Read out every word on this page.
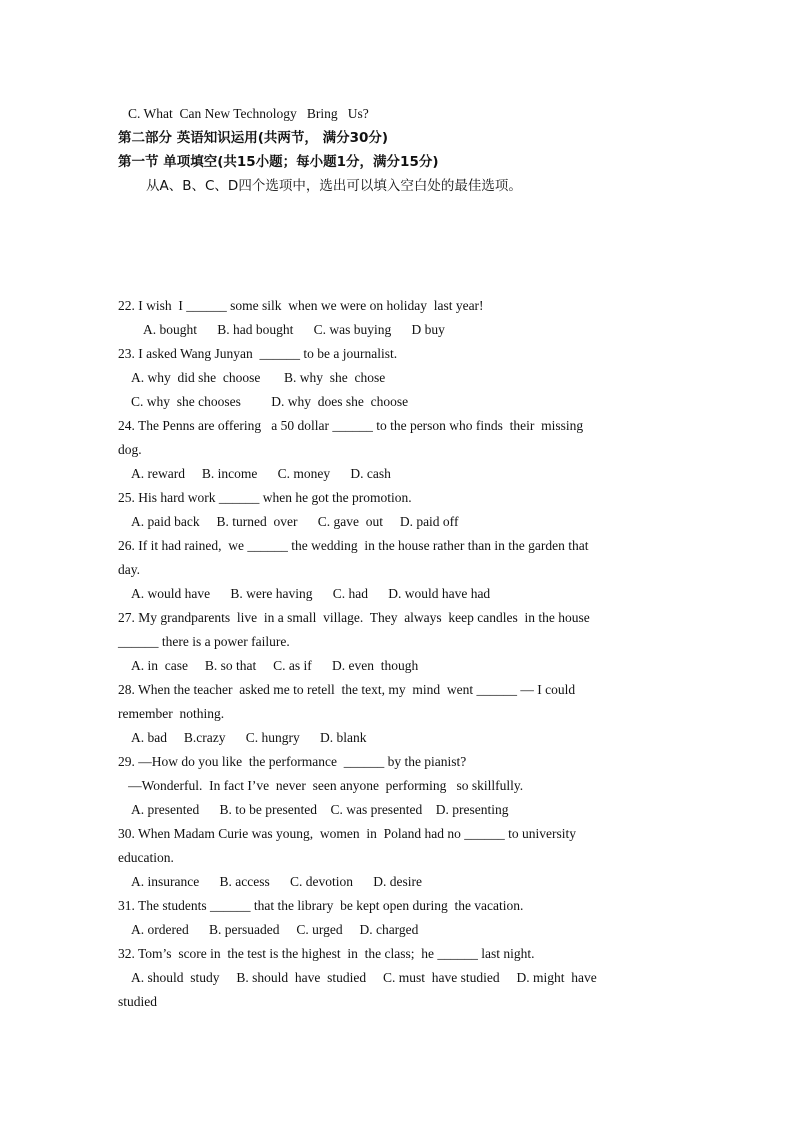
C. What  Can New Technology   Bring   Us?
第二部分 英语知识运用(共两节， 满分30分)
第一节 单项填空(共15小题；每小题1分，满分15分)
从A、B、C、D四个选项中，选出可以填入空白处的最佳选项。
22. I wish  I ______ some silk  when we were on holiday  last year!
A. bought      B. had bought      C. was buying      D buy
23. I asked Wang Junyan  ______ to be a journalist.
A. why  did she  choose       B. why  she  chose
C. why  she chooses         D. why  does she  choose
24. The Penns are offering   a 50 dollar ______ to the person who finds  their  missing
dog.
A. reward     B. income      C. money      D. cash
25. His hard work ______ when he got the promotion.
A. paid back     B. turned  over      C. gave  out     D. paid off
26. If it had rained,  we ______ the wedding  in the house rather than in the garden that
day.
A. would have      B. were having      C. had      D. would have had
27. My grandparents  live  in a small  village.  They  always  keep candles  in the house
______ there is a power failure.
A. in  case     B. so that     C. as if      D. even  though
28. When the teacher  asked me to retell  the text, my  mind  went ______ — I could
remember  nothing.
A. bad     B.crazy      C. hungry      D. blank
29. —How do you like  the performance  ______ by the pianist?
—Wonderful.  In fact I’ve  never  seen anyone  performing   so skillfully.
A. presented      B. to be presented    C. was presented    D. presenting
30. When Madam Curie was young,  women  in  Poland had no ______ to university
education.
A. insurance      B. access      C. devotion      D. desire
31. The students ______ that the library  be kept open during  the vacation.
A. ordered      B. persuaded     C. urged     D. charged
32. Tom’s  score in  the test is the highest  in  the class;  he ______ last night.
A. should  study     B. should  have  studied     C. must  have studied     D. might  have
studied
